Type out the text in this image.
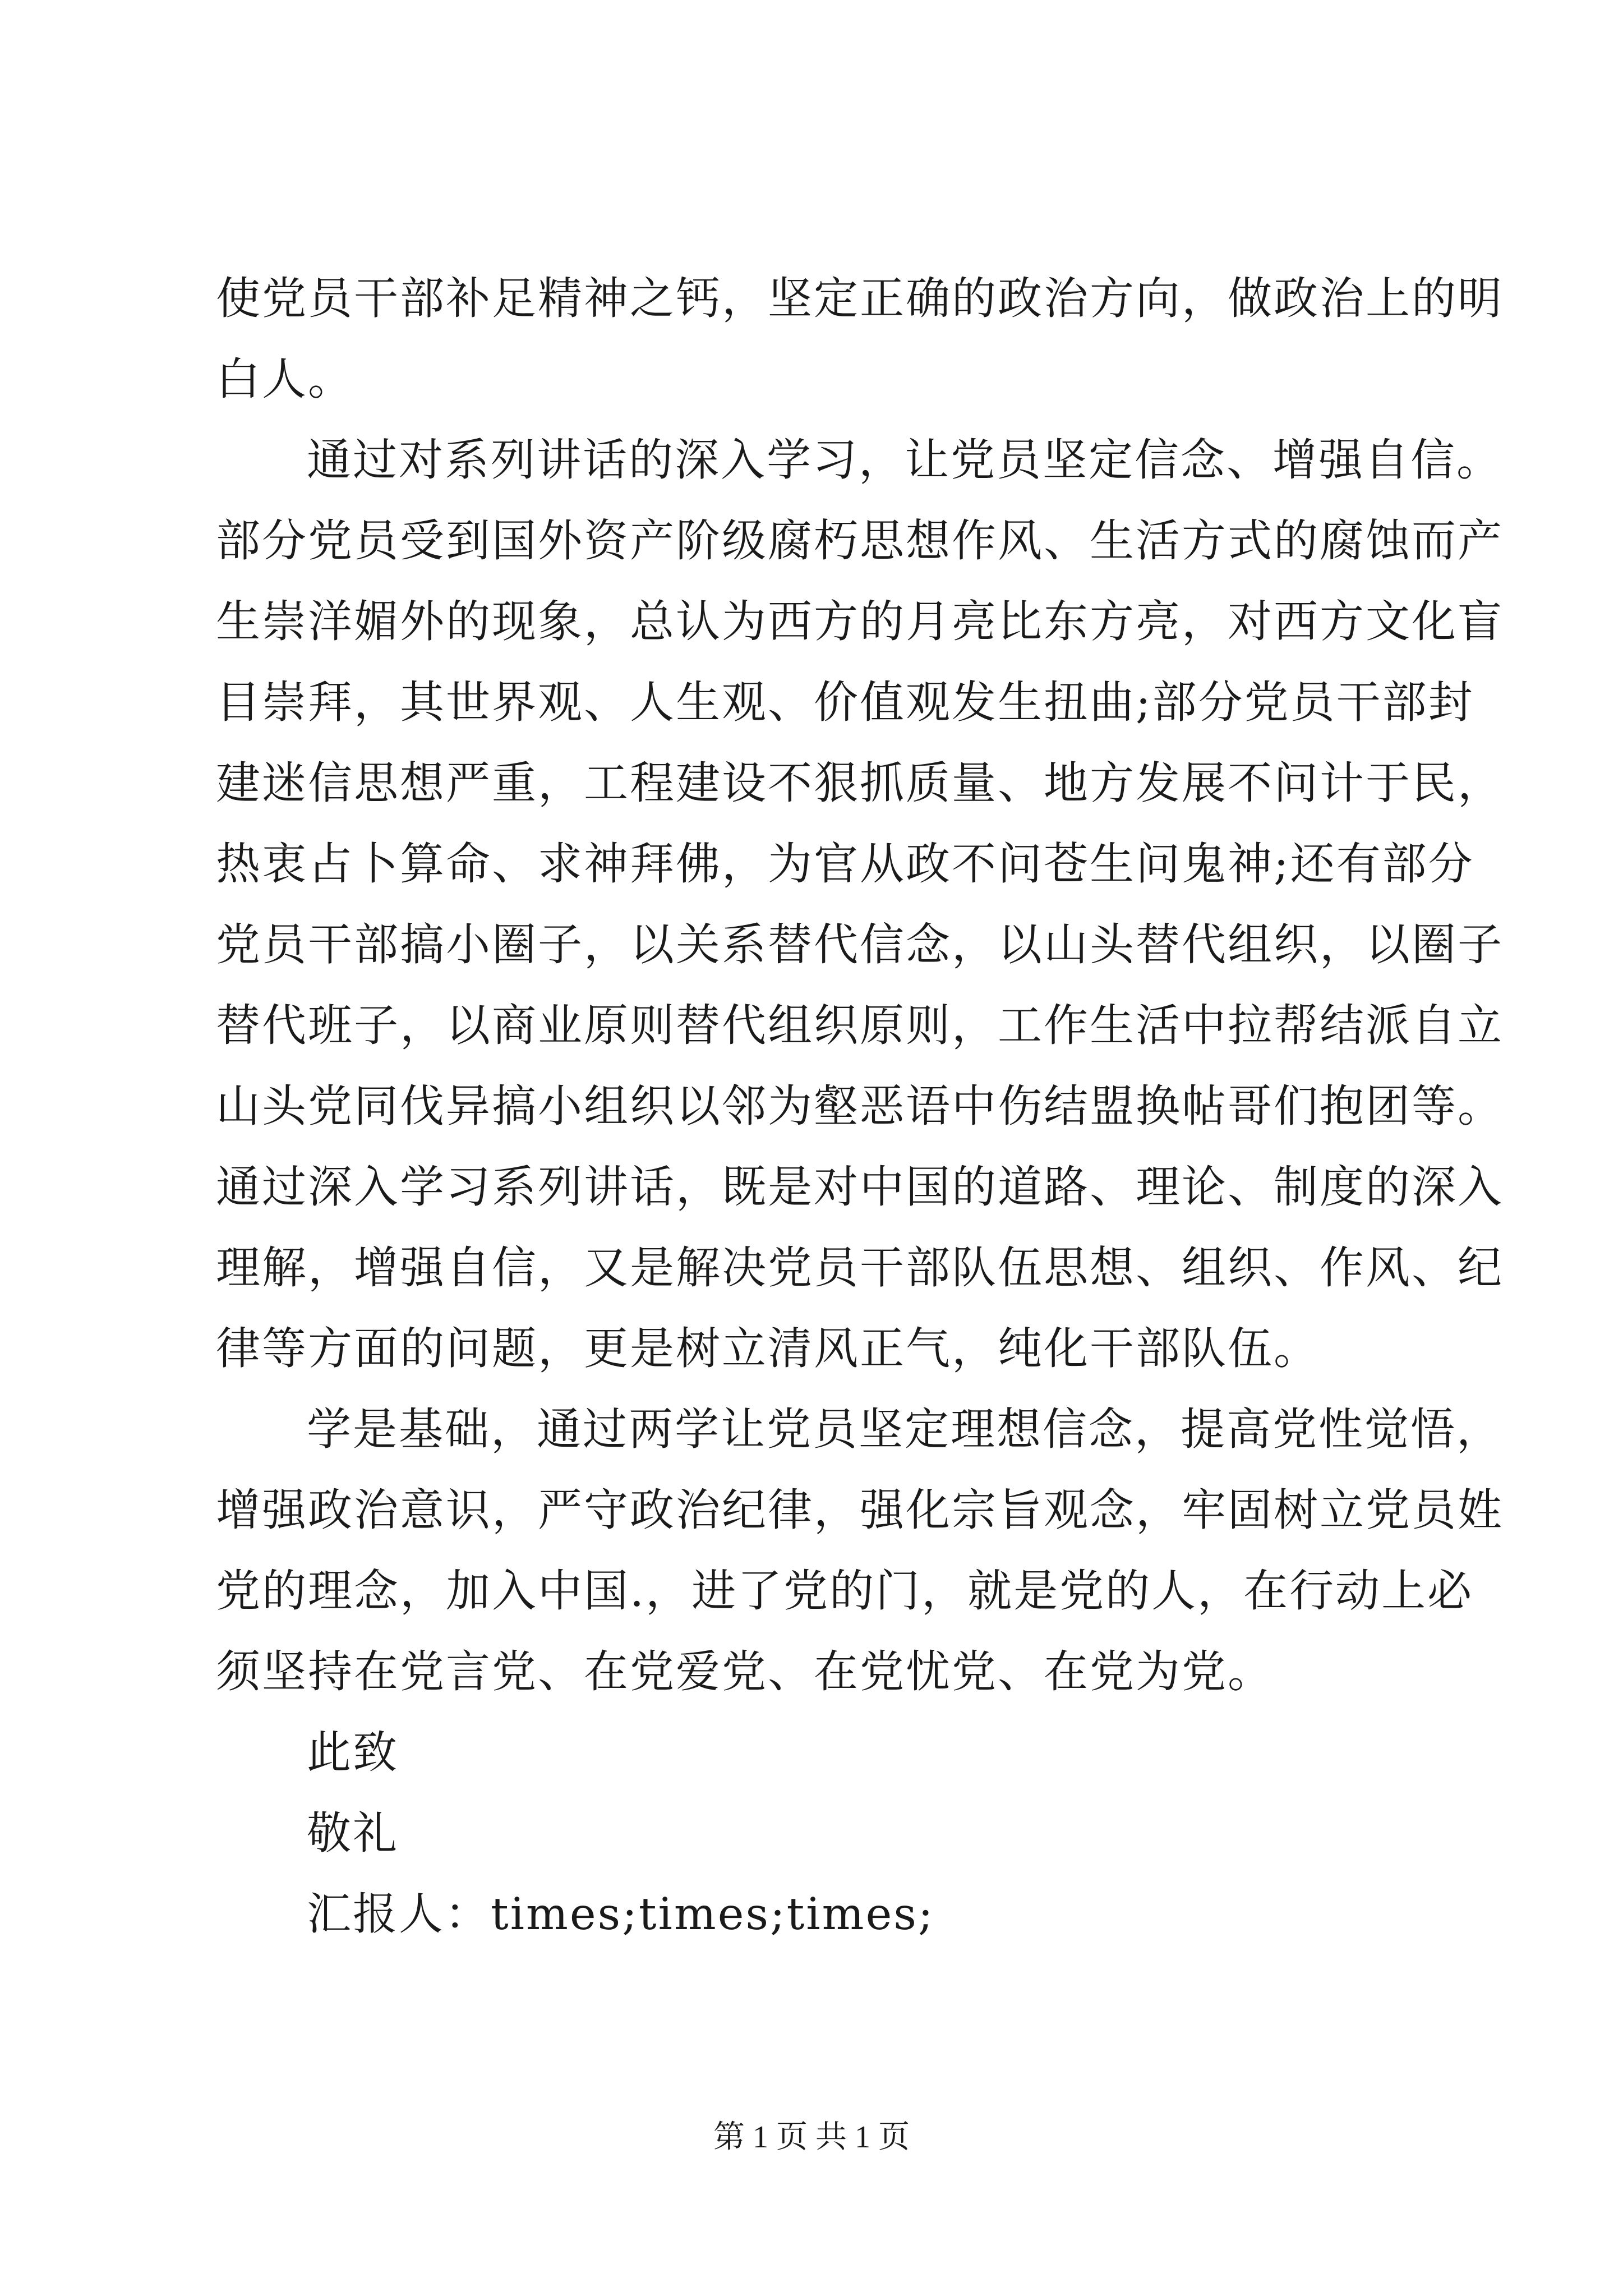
使党员干部补足精神之钙，坚定正确的政治方向，做政治上的明
白人。
通过对系列讲话的深入学习，让党员坚定信念、增强自信。
部分党员受到国外资产阶级腐朽思想作风、生活方式的腐蚀而产
生崇洋媚外的现象，总认为西方的月亮比东方亮，对西方文化盲
目崇拜，其世界观、人生观、价值观发生扭曲;部分党员干部封
建迷信思想严重，工程建设不狠抓质量、地方发展不问计于民，
热衷占卜算命、求神拜佛，为官从政不问苍生问鬼神;还有部分
党员干部搞小圈子，以关系替代信念，以山头替代组织，以圈子
替代班子，以商业原则替代组织原则，工作生活中拉帮结派自立
山头党同伐异搞小组织以邻为壑恶语中伤结盟换帖哥们抱团等。
通过深入学习系列讲话，既是对中国的道路、理论、制度的深入
理解，增强自信，又是解决党员干部队伍思想、组织、作风、纪
律等方面的问题，更是树立清风正气，纯化干部队伍。
学是基础，通过两学让党员坚定理想信念，提高党性觉悟，
增强政治意识，严守政治纪律，强化宗旨观念，牢固树立党员姓
党的理念，加入中国.，进了党的门，就是党的人，在行动上必
须坚持在党言党、在党爱党、在党忧党、在党为党。
此致
敬礼
汇报人：times;times;times;
第 1 页 共 1 页
